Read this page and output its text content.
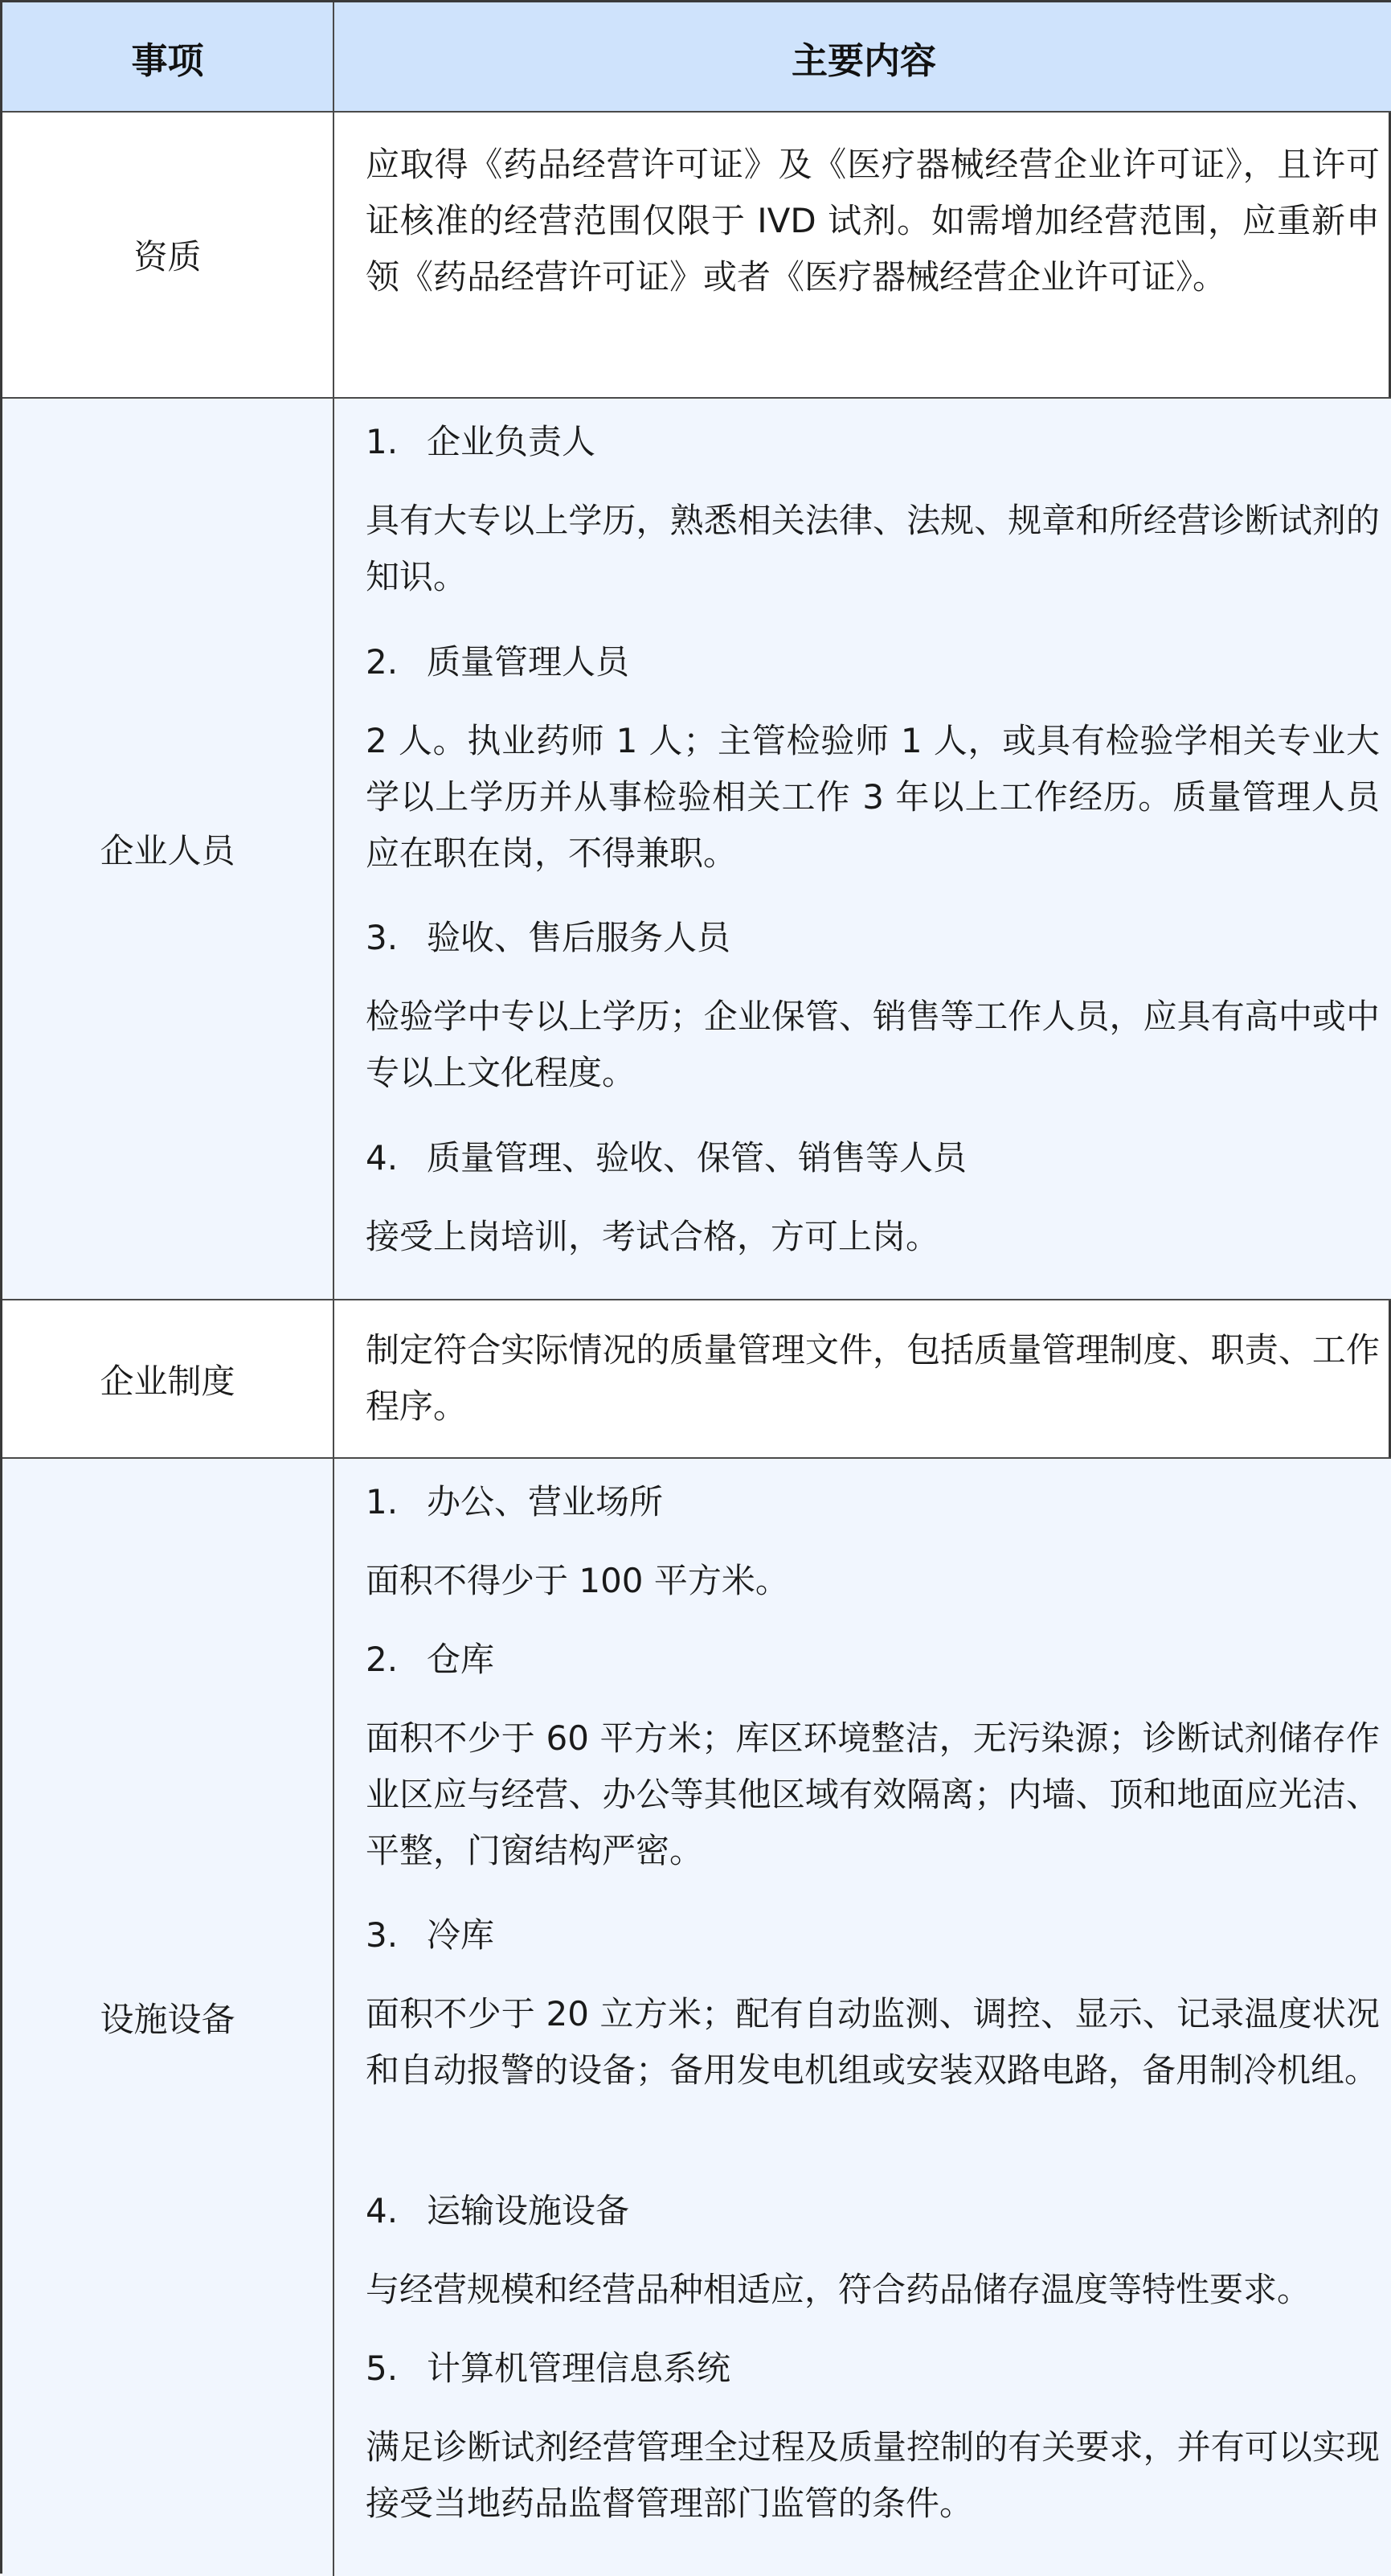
事项	主要内容
资质
应取得《药品经营许可证》及《医疗器械经营企业许可证》，且许可证核准的经营范围仅限于 IVD 试剂。如需增加经营范围，应重新申领《药品经营许可证》或者《医疗器械经营企业许可证》。
企业人员
1. 企业负责人
具有大专以上学历，熟悉相关法律、法规、规章和所经营诊断试剂的知识。
2. 质量管理人员
2 人。执业药师 1 人；主管检验师 1 人，或具有检验学相关专业大学以上学历并从事检验相关工作 3 年以上工作经历。质量管理人员应在职在岗，不得兼职。
3. 验收、售后服务人员
检验学中专以上学历；企业保管、销售等工作人员，应具有高中或中专以上文化程度。
4. 质量管理、验收、保管、销售等人员
接受上岗培训，考试合格，方可上岗。
企业制度
制定符合实际情况的质量管理文件，包括质量管理制度、职责、工作程序。
设施设备
1. 办公、营业场所
面积不得少于 100 平方米。
2. 仓库
面积不少于 60 平方米；库区环境整洁，无污染源；诊断试剂储存作业区应与经营、办公等其他区域有效隔离；内墙、顶和地面应光洁、平整，门窗结构严密。
3. 冷库
面积不少于 20 立方米；配有自动监测、调控、显示、记录温度状况和自动报警的设备；备用发电机组或安装双路电路，备用制冷机组。
4. 运输设施设备
与经营规模和经营品种相适应，符合药品储存温度等特性要求。
5. 计算机管理信息系统
满足诊断试剂经营管理全过程及质量控制的有关要求，并有可以实现接受当地药品监督管理部门监管的条件。
